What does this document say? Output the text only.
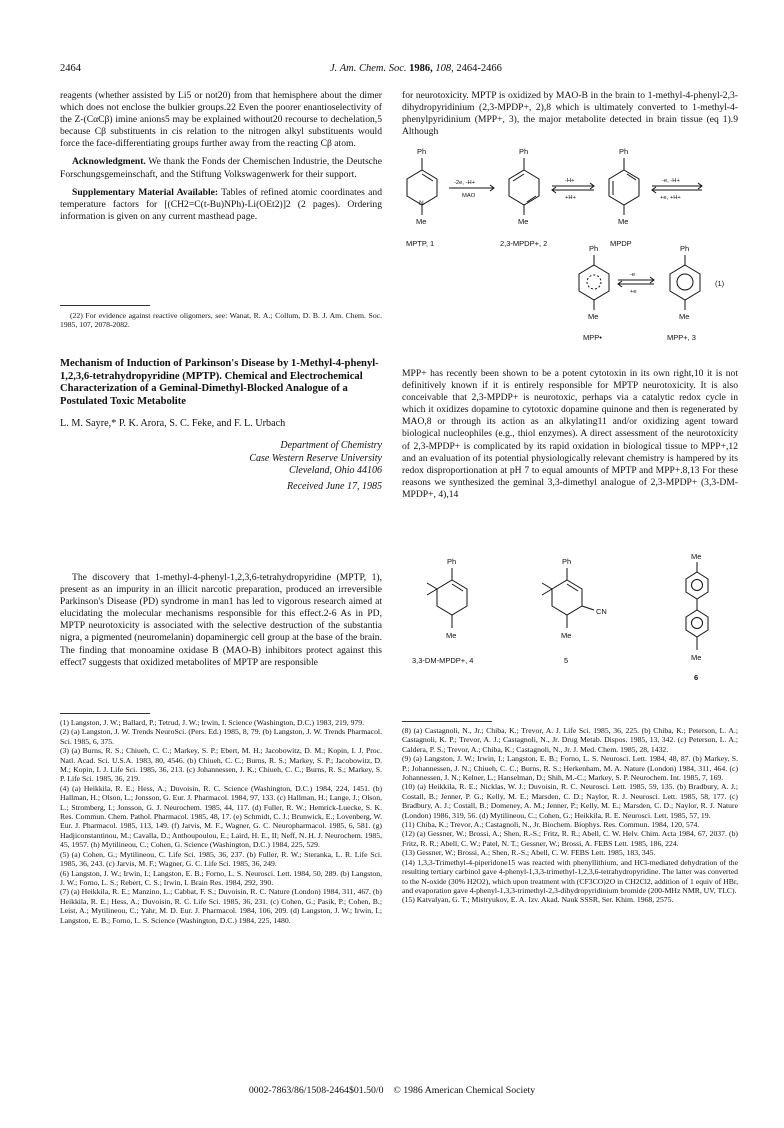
2464	J. Am. Chem. Soc. 1986, 108, 2464-2466

reagents (whether assisted by Li5 or not20) from that hemisphere about the dimer which does not enclose the bulkier groups.22 Even the poorer enantioselectivity of the Z-(CαCβ) imine anions5 may be explained without20 recourse to dechelation,5 because Cβ substituents in cis relation to the nitrogen alkyl substituents would force the face-differentiating groups further away from the reacting Cβ atom.

Acknowledgment. We thank the Fonds der Chemischen Industrie, the Deutsche Forschungsgemeinschaft, and the Stiftung Volkswagenwerk for their support.

Supplementary Material Available: Tables of refined atomic coordinates and temperature factors for [(CH2=C(t-Bu)NPh)-Li(OEt2)]2 (2 pages). Ordering information is given on any current masthead page.

(22) For evidence against reactive oligomers, see: Wanat, R. A.; Collum, D. B. J. Am. Chem. Soc. 1985, 107, 2078-2082.

Mechanism of Induction of Parkinson's Disease by 1-Methyl-4-phenyl-1,2,3,6-tetrahydropyridine (MPTP). Chemical and Electrochemical Characterization of a Geminal-Dimethyl-Blocked Analogue of a Postulated Toxic Metabolite
L. M. Sayre,* P. K. Arora, S. C. Feke, and F. L. Urbach
Department of Chemistry
Case Western Reserve University
Cleveland, Ohio 44106
Received June 17, 1985

The discovery that 1-methyl-4-phenyl-1,2,3,6-tetrahydropyridine (MPTP, 1), present as an impurity in an illicit narcotic preparation, produced an irreversible Parkinson's Disease (PD) syndrome in man1 has led to vigorous research aimed at elucidating the molecular mechanisms responsible for this effect.2-6 As in PD, MPTP neurotoxicity is associated with the selective destruction of the substantia nigra, a pigmented (neuromelanin) dopaminergic cell group at the base of the brain. The finding that monoamine oxidase B (MAO-B) inhibitors protect against this effect7 suggests that oxidized metabolites of MPTP are responsible

(1) Langston, J. W.; Ballard, P.; Tetrud, J. W.; Irwin, I. Science (Washington, D.C.) 1983, 219, 979.

(2) (a) Langston, J. W. Trends NeuroSci. (Pers. Ed.) 1985, 8, 79. (b) Langston, J. W. Trends Pharmacol. Sci. 1985, 6, 375.

(3) (a) Burns, R. S.; Chiueh, C. C.; Markey, S. P.; Ebert, M. H.; Jacobowitz, D. M.; Kopin, I. J. Proc. Natl. Acad. Sci. U.S.A. 1983, 80, 4546. (b) Chiueh, C. C.; Burns, R. S.; Markey, S. P.; Jacobowitz, D. M.; Kopin, I. J. Life Sci. 1985, 36, 213. (c) Johannessen, J. K.; Chiueh, C. C.; Burns, R. S.; Markey, S. P. Life Sci. 1985, 36, 219.

(4) (a) Heikkila, R. E.; Hess, A.; Duvoisin, R. C. Science (Washington, D.C.) 1984, 224, 1451. (b) Hallman, H.; Olson, L.; Jonsson, G. Eur. J. Pharmacol. 1984, 97, 133. (c) Hallman, H.; Lange, J.; Olson, L.; Stromberg, I.; Jonsson, G. J. Neurochem. 1985, 44, 117. (d) Fuller, R. W.; Hemrick-Luecke, S. K. Res. Commun. Chem. Pathol. Pharmacol. 1985, 48, 17. (e) Schmidt, C. J.; Brunwick, E.; Lovenberg, W. Eur. J. Pharmacol. 1985, 113, 149. (f) Jarvis, M. F., Wagner, G. C. Neuropharmacol. 1985, 6, 581. (g) Hadjiconstantinou, M.; Cavalla, D.; Anthoupoulou, E.; Laird, H. E., II; Neff, N. H. J. Neurochem. 1985, 45, 1957. (h) Mytilineou, C.; Cohen, G. Science (Washington, D.C.) 1984, 225, 529.

(5) (a) Cohen, G.; Mytilineou, C. Life Sci. 1985, 36, 237. (b) Fuller, R. W.; Steranka, L. R. Life Sci. 1985, 36, 243. (c) Jarvis, M. F.; Wagner, G. C. Life Sci. 1985, 36, 249.

(6) Langston, J. W.; Irwin, I.; Langston, E. B.; Forno, L. S. Neurosci. Lett. 1984, 50, 289. (b) Langston, J. W.; Forno, L. S.; Rebert, C. S.; Irwin, I. Brain Res. 1984, 292, 390.

(7) (a) Heikkila, R. E.; Manzino, L.; Cabbat, F. S.; Duvoisin, R. C. Nature (London) 1984, 311, 467. (b) Heikkila, R. E.; Hess, A.; Duvoisin, R. C. Life Sci. 1985, 36, 231. (c) Cohen, G.; Pasik, P.; Cohen, B.; Leist, A.; Mytilineou, C.; Yahr, M. D. Eur. J. Pharmacol. 1984, 106, 209. (d) Langston, J. W.; Irwin, I.; Langston, E. B.; Forno, L. S. Science (Washington, D.C.) 1984, 225, 1480.

for neurotoxicity. MPTP is oxidized by MAO-B in the brain to 1-methyl-4-phenyl-2,3-dihydropyridinium (2,3-MPDP+, 2),8 which is ultimately converted to 1-methyl-4-phenylpyridinium (MPP+, 3), the major metabolite detected in brain tissue (eq 1).9 Although

Ph
N
Me
MPTP, 1
-2e, -H+
MAO
Ph
Me
2,3-MPDP+, 2
-H+
+H+
Ph
Me
MPDP
-e, -H+
+e, +H+
Ph
Me
MPP•
-e
+e
Ph
Me
MPP+, 3
(1)

MPP+ has recently been shown to be a potent cytotoxin in its own right,10 it is not definitively known if it is entirely responsible for MPTP neurotoxicity. It is also conceivable that 2,3-MPDP+ is neurotoxic, perhaps via a catalytic redox cycle in which it oxidizes dopamine to cytotoxic dopamine quinone and then is regenerated by MAO,8 or through its action as an alkylating11 and/or oxidizing agent toward biological nucleophiles (e.g., thiol enzymes). A direct assessment of the neurotoxicity of 2,3-MPDP+ is complicated by its rapid oxidation in biological tissue to MPP+,12 and an evaluation of its potential physiologically relevant chemistry is hampered by its redox disproportionation at pH 7 to equal amounts of MPTP and MPP+.8,13 For these reasons we synthesized the geminal 3,3-dimethyl analogue of 2,3-MPDP+ (3,3-DM-MPDP+, 4),14

Ph
Me
3,3-DM-MPDP+, 4
Ph
Me
CN
5
Me
Me
6

(8) (a) Castagnoli, N., Jr.; Chiba, K.; Trevor, A. J. Life Sci. 1985, 36, 225. (b) Chiba, K.; Peterson, L. A.; Castagnoli, K. P.; Trevor, A. J.; Castagnoli, N., Jr. Drug Metab. Dispos. 1985, 13, 342. (c) Peterson, L. A.; Caldera, P. S.; Trevor, A.; Chiba, K.; Castagnoli, N., Jr. J. Med. Chem. 1985, 28, 1432.

(9) (a) Langston, J. W.; Irwin, I.; Langston, E. B.; Forno, L. S. Neurosci. Lett. 1984, 48, 87. (b) Markey, S. P.; Johannessen, J. N.; Chiueh, C. C.; Burns, R. S.; Herkenham, M. A. Nature (London) 1984, 311, 464. (c) Johannessen, J. N.; Kelner, L.; Hanselman, D.; Shih, M.-C.; Markey, S. P. Neurochem. Int. 1985, 7, 169.

(10) (a) Heikkila, R. E.; Nicklas, W. J.; Duvoisin, R. C. Neurosci. Lett. 1985, 59, 135. (b) Bradbury, A. J.; Costall, B.; Jenner, P. G.; Kelly, M. E.; Marsden, C. D.; Naylor, R. J. Neurosci. Lett. 1985, 58, 177. (c) Bradbury, A. J.; Costall, B.; Domeney, A. M.; Jenner, P.; Kelly, M. E.; Marsden, C. D.; Naylor, R. J. Nature (London) 1986, 319, 56. (d) Mytilineou, C.; Cohen, G.; Heikkila, R. E. Neurosci. Lett. 1985, 57, 19.

(11) Chiba, K.; Trevor, A.; Castagnoli, N., Jr. Biochem. Biophys. Res. Commun. 1984, 120, 574.

(12) (a) Gessner, W.; Brossi, A.; Shen, R.-S.; Fritz, R. R.; Abell, C. W. Helv. Chim. Acta 1984, 67, 2037. (b) Fritz, R. R.; Abell, C. W.; Patel, N. T.; Gessner, W.; Brossi, A. FEBS Lett. 1985, 186, 224.

(13) Gessner, W.; Brossi, A.; Shen, R.-S.; Abell, C. W. FEBS Lett. 1985, 183, 345.

(14) 1,3,3-Trimethyl-4-piperidone15 was reacted with phenyllithium, and HCl-mediated dehydration of the resulting tertiary carbinol gave 4-phenyl-1,3,3-trimethyl-1,2,3,6-tetrahydropyridine. The latter was converted to the N-oxide (30% H2O2), which upon treatment with (CF3CO)2O in CH2Cl2, addition of 1 equiv of HBr, and evaporation gave 4-phenyl-1,3,3-trimethyl-2,3-dihydropyridinium bromide (200-MHz NMR, UV, TLC).

(15) Katvalyan, G. T.; Mistryukov, E. A. Izv. Akad. Nauk SSSR, Ser. Khim. 1968, 2575.

0002-7863/86/1508-2464$01.50/0 © 1986 American Chemical Society
